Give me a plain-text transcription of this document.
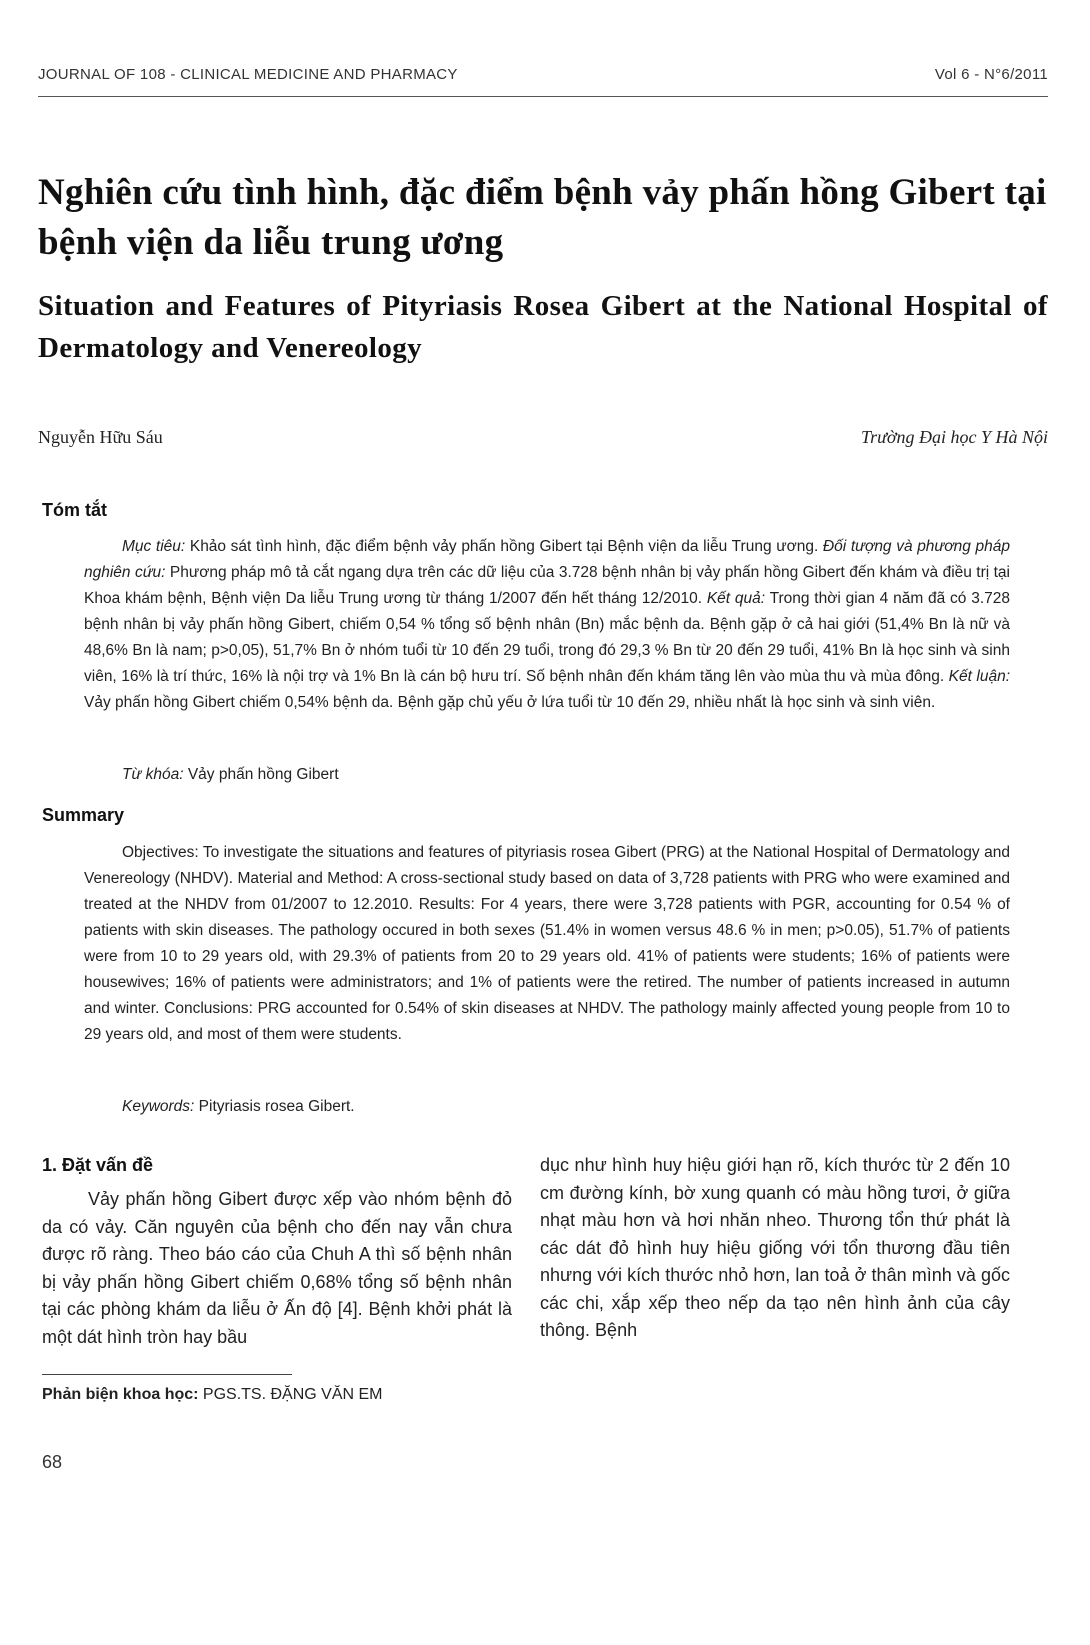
JOURNAL OF 108 - CLINICAL MEDICINE AND PHARMACY	Vol 6 - N°6/2011
Nghiên cứu tình hình, đặc điểm bệnh vảy phấn hồng Gibert tại bệnh viện da liễu trung ương
Situation and Features of Pityriasis Rosea Gibert at the National Hospital of Dermatology and Venereology
Nguyễn Hữu Sáu	Trường Đại học Y Hà Nội
Tóm tắt

Mục tiêu: Khảo sát tình hình, đặc điểm bệnh vảy phấn hồng Gibert tại Bệnh viện da liễu Trung ương. Đối tượng và phương pháp nghiên cứu: Phương pháp mô tả cắt ngang dựa trên các dữ liệu của 3.728 bệnh nhân bị vảy phấn hồng Gibert đến khám và điều trị tại Khoa khám bệnh, Bệnh viện Da liễu Trung ương từ tháng 1/2007 đến hết tháng 12/2010. Kết quả: Trong thời gian 4 năm đã có 3.728 bệnh nhân bị vảy phấn hồng Gibert, chiếm 0,54 % tổng số bệnh nhân (Bn) mắc bệnh da. Bệnh gặp ở cả hai giới (51,4% Bn là nữ và 48,6% Bn là nam; p>0,05), 51,7% Bn ở nhóm tuổi từ 10 đến 29 tuổi, trong đó 29,3 % Bn từ 20 đến 29 tuổi, 41% Bn là học sinh và sinh viên, 16% là trí thức, 16% là nội trợ và 1% Bn là cán bộ hưu trí. Số bệnh nhân đến khám tăng lên vào mùa thu và mùa đông. Kết luận: Vảy phấn hồng Gibert chiếm 0,54% bệnh da. Bệnh gặp chủ yếu ở lứa tuổi từ 10 đến 29, nhiều nhất là học sinh và sinh viên.

Từ khóa: Vảy phấn hồng Gibert

Summary

Objectives: To investigate the situations and features of pityriasis rosea Gibert (PRG) at the National Hospital of Dermatology and Venereology (NHDV). Material and Method: A cross-sectional study based on data of 3,728 patients with PRG who were examined and treated at the NHDV from 01/2007 to 12.2010. Results: For 4 years, there were 3,728 patients with PGR, accounting for 0.54 % of patients with skin diseases. The pathology occured in both sexes (51.4% in women versus 48.6 % in men; p>0.05), 51.7% of patients were from 10 to 29 years old, with 29.3% of patients from 20 to 29 years old. 41% of patients were students; 16% of patients were housewives; 16% of patients were administrators; and 1% of patients were the retired. The number of patients increased in autumn and winter. Conclusions: PRG accounted for 0.54% of skin diseases at NHDV. The pathology mainly affected young people from 10 to 29 years old, and most of them were students.

Keywords: Pityriasis rosea Gibert.

1. Đặt vấn đề

Vảy phấn hồng Gibert được xếp vào nhóm bệnh đỏ da có vảy. Căn nguyên của bệnh cho đến nay vẫn chưa được rõ ràng. Theo báo cáo của Chuh A thì số bệnh nhân bị vảy phấn hồng Gibert chiếm 0,68% tổng số bệnh nhân tại các phòng khám da liễu ở Ấn độ [4]. Bệnh khởi phát là một dát hình tròn hay bầu

dục như hình huy hiệu giới hạn rõ, kích thước từ 2 đến 10 cm đường kính, bờ xung quanh có màu hồng tươi, ở giữa nhạt màu hơn và hơi nhăn nheo. Thương tổn thứ phát là các dát đỏ hình huy hiệu giống với tổn thương đầu tiên nhưng với kích thước nhỏ hơn, lan toả ở thân mình và gốc các chi, xắp xếp theo nếp da tạo nên hình ảnh của cây thông. Bệnh

Phản biện khoa học: PGS.TS. ĐẶNG VĂN EM

68
